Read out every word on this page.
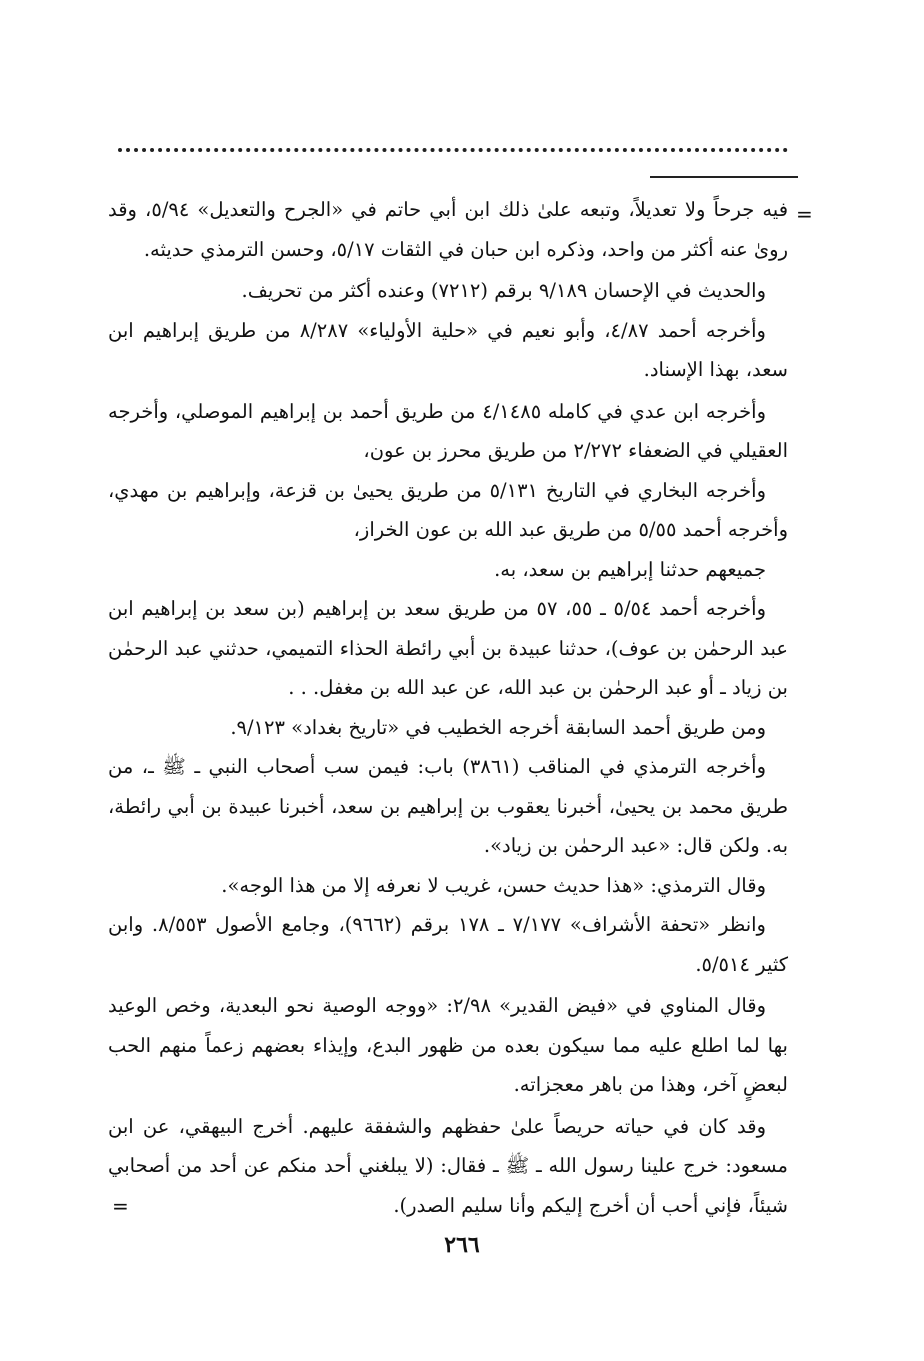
=

فيه جرحاً ولا تعديلاً، وتبعه علىٰ ذلك ابن أبي حاتم في «الجرح والتعديل» ٥/٩٤، وقد روىٰ عنه أكثر من واحد، وذكره ابن حبان في الثقات ٥/١٧، وحسن الترمذي حديثه.

والحديث في الإحسان ٩/١٨٩ برقم (٧٢١٢) وعنده أكثر من تحريف.

وأخرجه أحمد ٤/٨٧، وأبو نعيم في «حلية الأولياء» ٨/٢٨٧ من طريق إبراهيم ابن سعد، بهذا الإسناد.

وأخرجه ابن عدي في كامله ٤/١٤٨٥ من طريق أحمد بن إبراهيم الموصلي، وأخرجه العقيلي في الضعفاء ٢/٢٧٢ من طريق محرز بن عون،

وأخرجه البخاري في التاريخ ٥/١٣١ من طريق يحيىٰ بن قزعة، وإبراهيم بن مهدي، وأخرجه أحمد ٥/٥٥ من طريق عبد الله بن عون الخراز،

جميعهم حدثنا إبراهيم بن سعد، به.

وأخرجه أحمد ٥/٥٤ ـ ٥٥، ٥٧ من طريق سعد بن إبراهيم (بن سعد بن إبراهيم ابن عبد الرحمٰن بن عوف)، حدثنا عبيدة بن أبي رائطة الحذاء التميمي، حدثني عبد الرحمٰن بن زياد ـ أو عبد الرحمٰن بن عبد الله، عن عبد الله بن مغفل. . .

ومن طريق أحمد السابقة أخرجه الخطيب في «تاريخ بغداد» ٩/١٢٣.

وأخرجه الترمذي في المناقب (٣٨٦١) باب: فيمن سب أصحاب النبي ـ ﷺ ـ، من طريق محمد بن يحيىٰ، أخبرنا يعقوب بن إبراهيم بن سعد، أخبرنا عبيدة بن أبي رائطة، به. ولكن قال: «عبد الرحمٰن بن زياد».

وقال الترمذي: «هذا حديث حسن، غريب لا نعرفه إلا من هذا الوجه».

وانظر «تحفة الأشراف» ٧/١٧٧ ـ ١٧٨ برقم (٩٦٦٢)، وجامع الأصول ٨/٥٥٣. وابن كثير ٥/٥١٤.

وقال المناوي في «فيض القدير» ٢/٩٨: «ووجه الوصية نحو البعدية، وخص الوعيد بها لما اطلع عليه مما سيكون بعده من ظهور البدع، وإيذاء بعضهم زعماً منهم الحب لبعضٍ آخر، وهذا من باهر معجزاته.

وقد كان في حياته حريصاً علىٰ حفظهم والشفقة عليهم. أخرج البيهقي، عن ابن مسعود: خرج علينا رسول الله ـ ﷺ ـ فقال: (لا يبلغني أحد منكم عن أحد من أصحابي شيئاً، فإني أحب أن أخرج إليكم وأنا سليم الصدر).

=
٢٦٦
